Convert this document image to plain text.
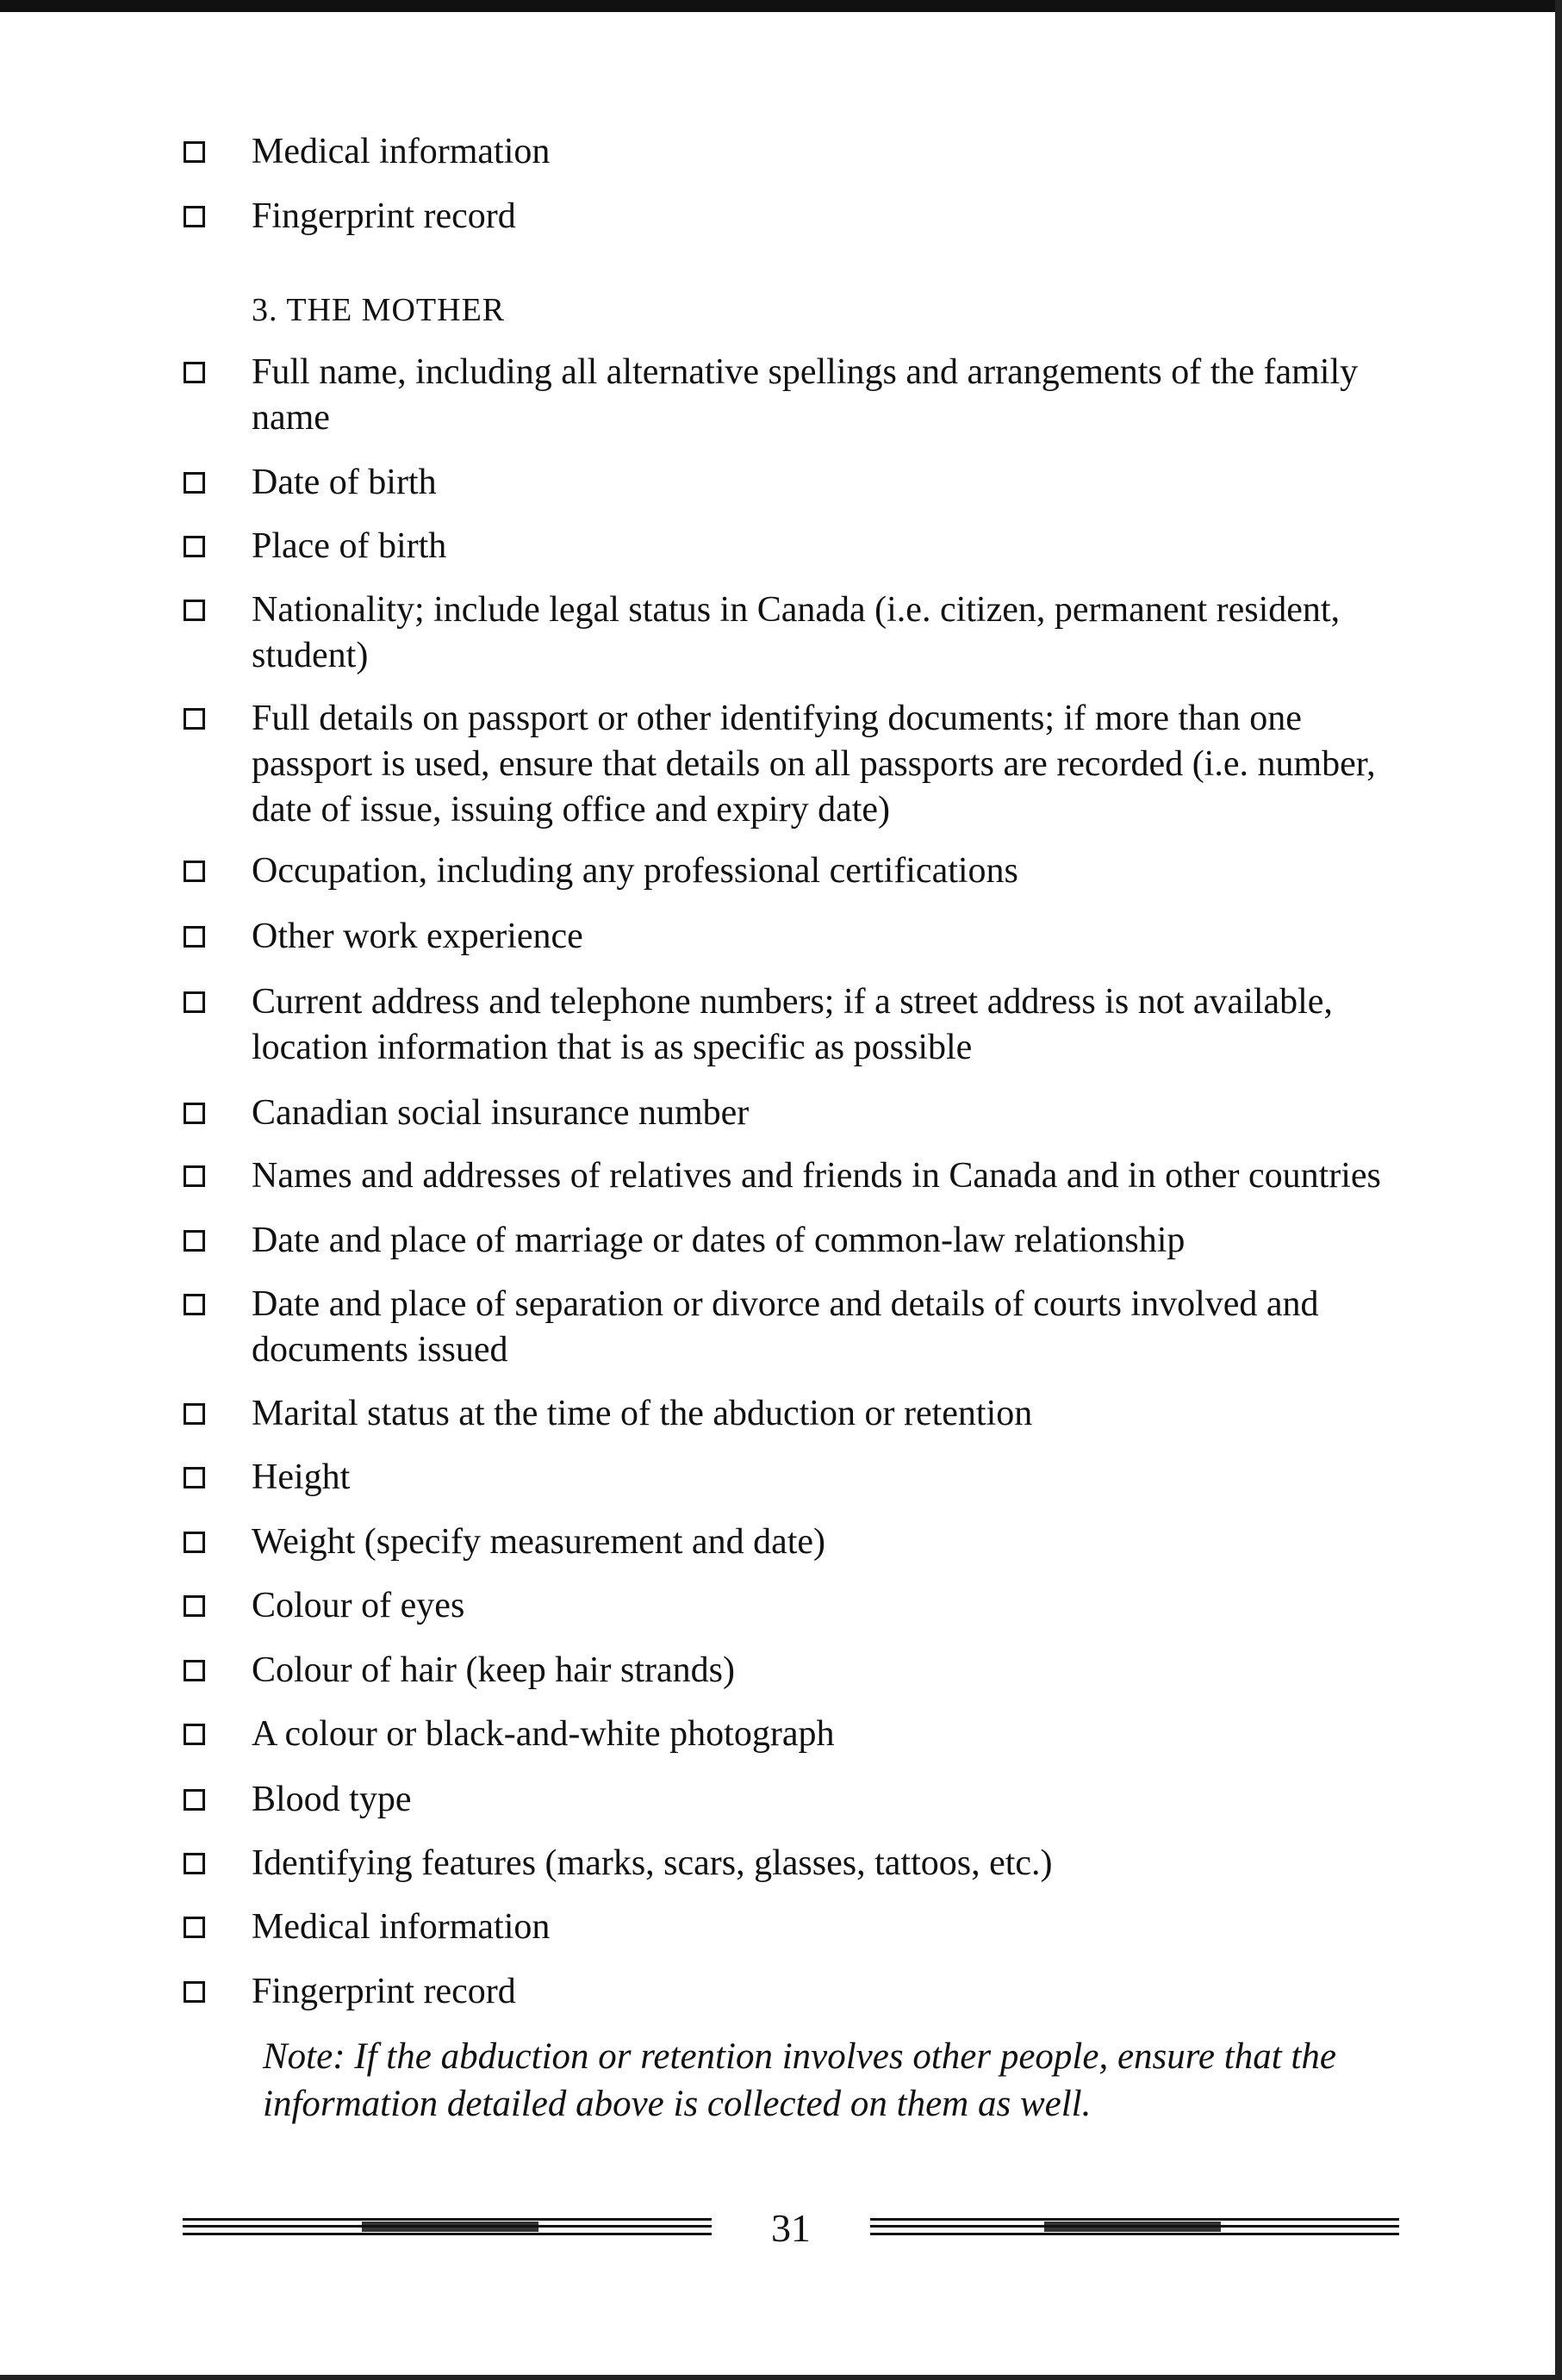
Medical information
Fingerprint record
3. THE MOTHER
Full name, including all alternative spellings and arrangements of the family name
Date of birth
Place of birth
Nationality; include legal status in Canada (i.e. citizen, permanent resident, student)
Full details on passport or other identifying documents; if more than one passport is used, ensure that details on all passports are recorded (i.e. number, date of issue, issuing office and expiry date)
Occupation, including any professional certifications
Other work experience
Current address and telephone numbers; if a street address is not available, location information that is as specific as possible
Canadian social insurance number
Names and addresses of relatives and friends in Canada and in other countries
Date and place of marriage or dates of common-law relationship
Date and place of separation or divorce and details of courts involved and documents issued
Marital status at the time of the abduction or retention
Height
Weight (specify measurement and date)
Colour of eyes
Colour of hair (keep hair strands)
A colour or black-and-white photograph
Blood type
Identifying features (marks, scars, glasses, tattoos, etc.)
Medical information
Fingerprint record
Note: If the abduction or retention involves other people, ensure that the information detailed above is collected on them as well.
31
